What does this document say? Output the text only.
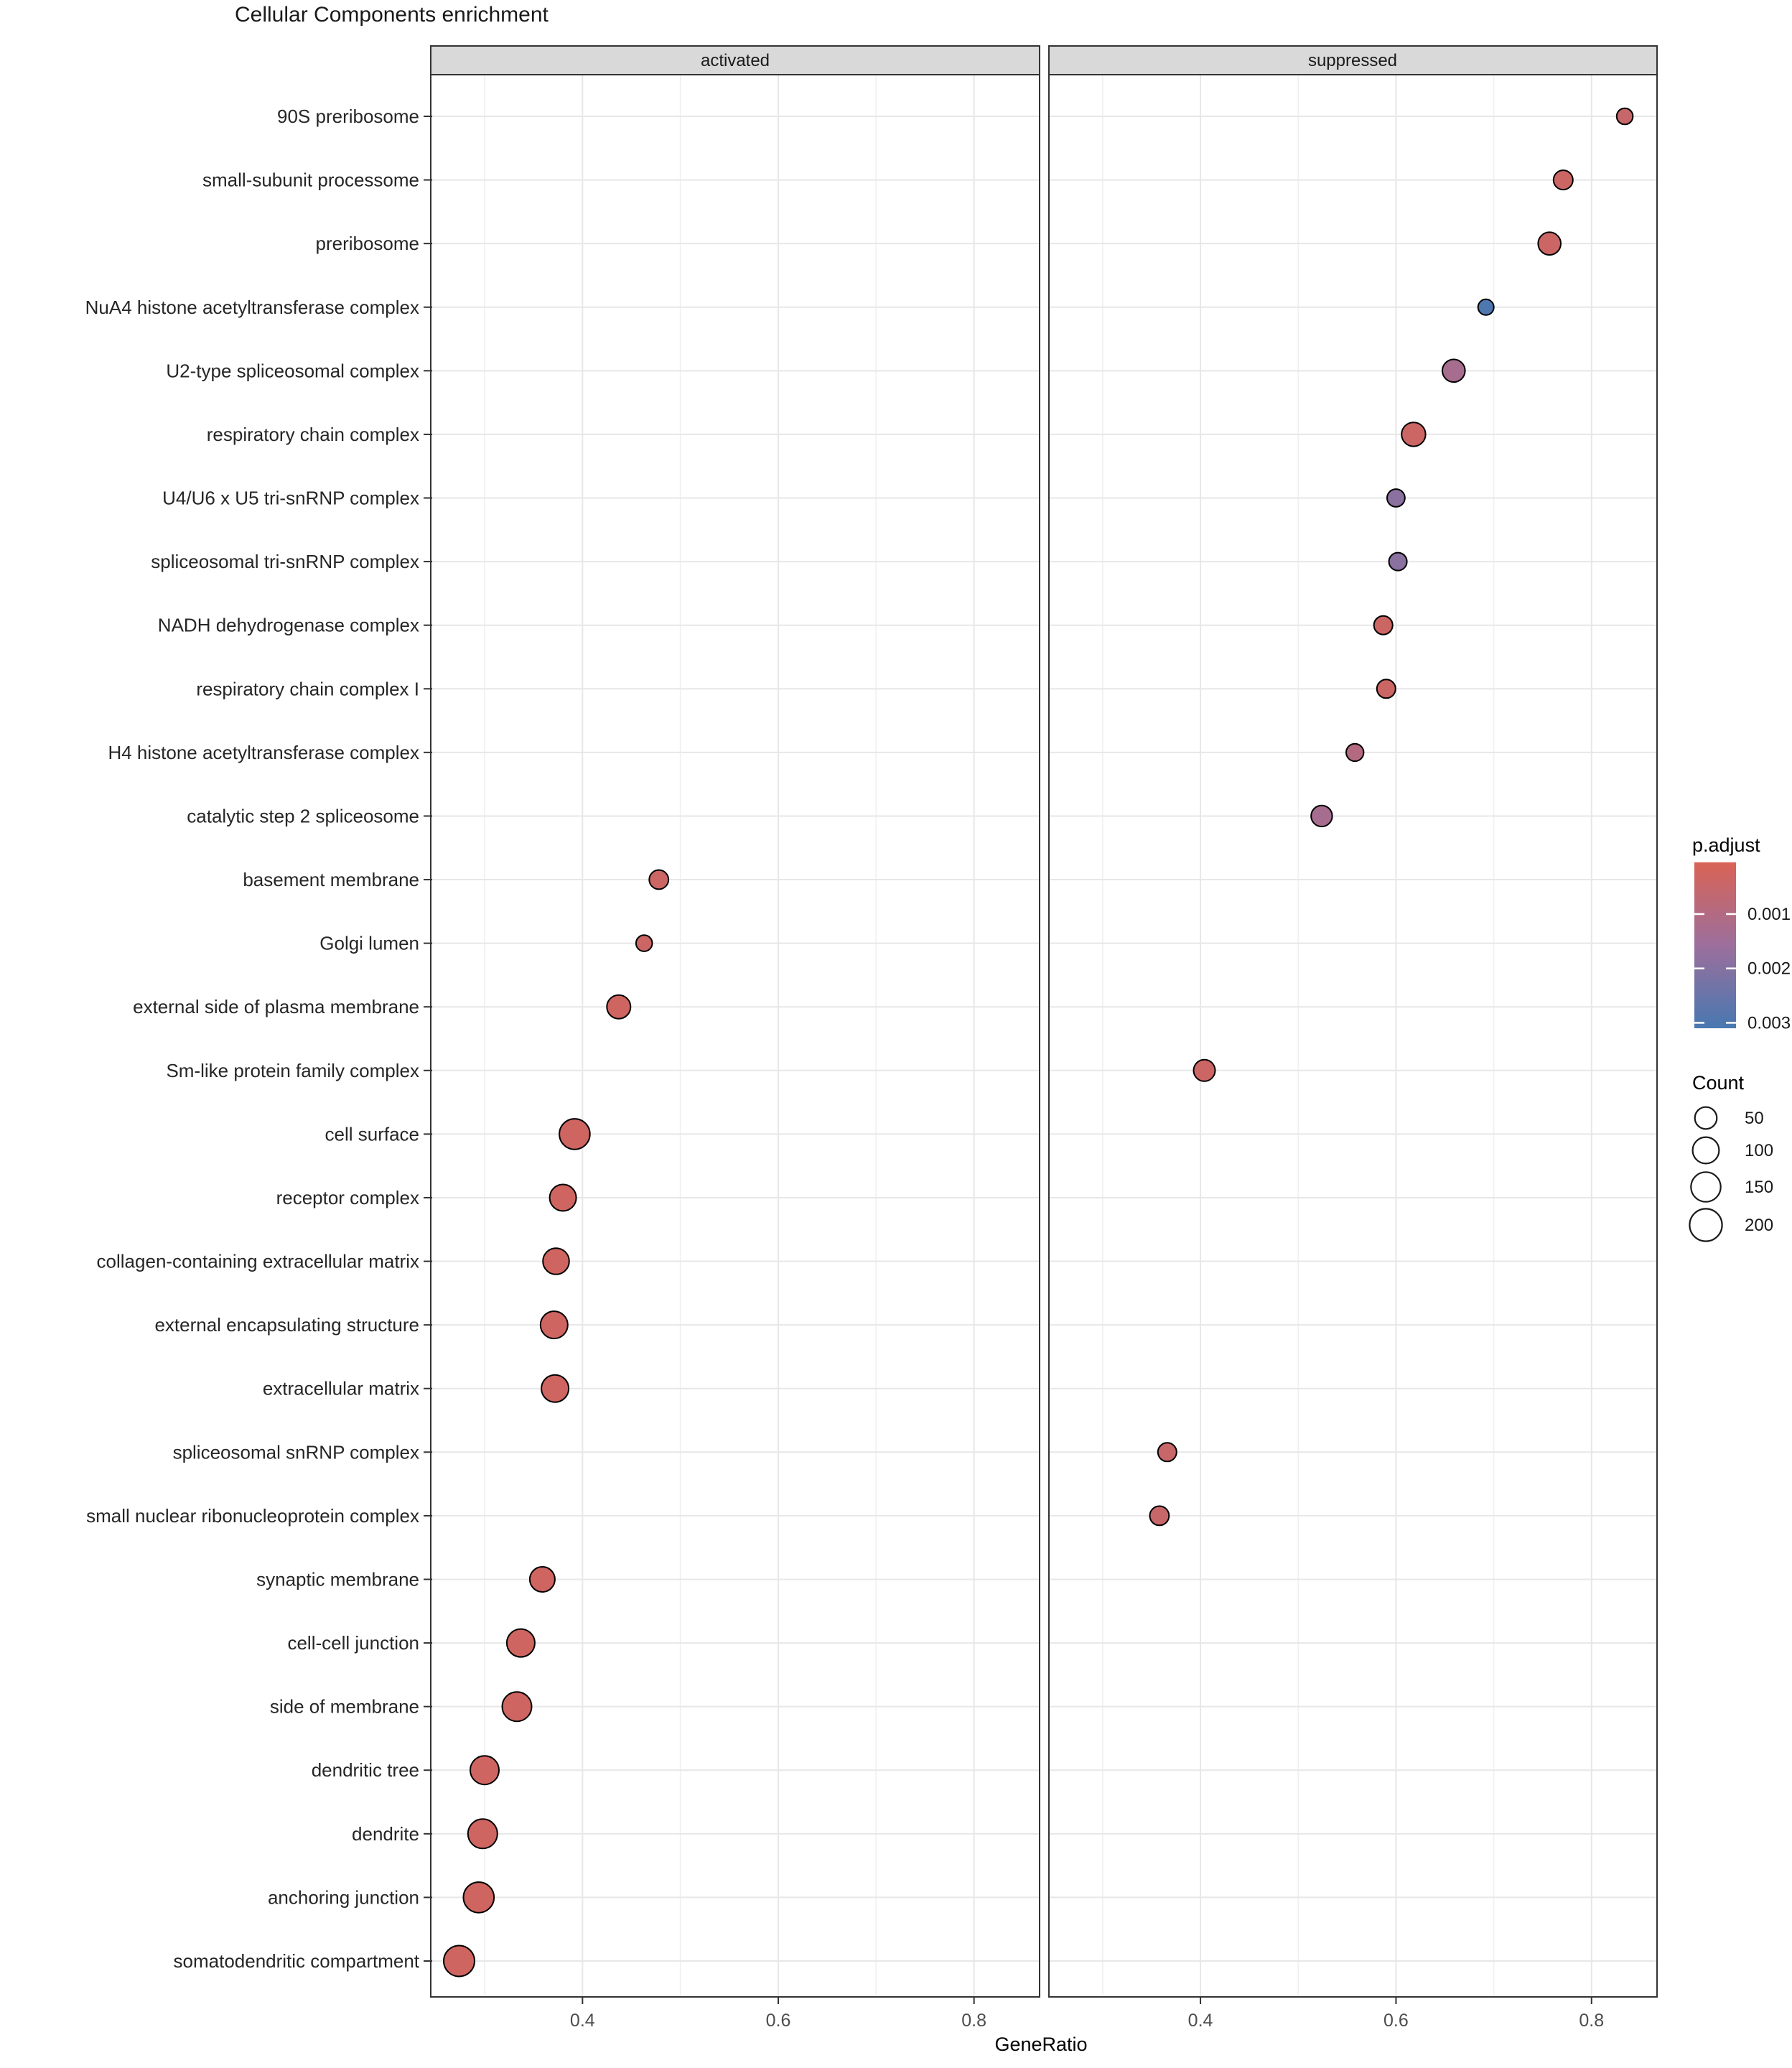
90S preribosome
small-subunit processome
preribosome
NuA4 histone acetyltransferase complex
U2-type spliceosomal complex
respiratory chain complex
U4/U6 x U5 tri-snRNP complex
spliceosomal tri-snRNP complex
NADH dehydrogenase complex
respiratory chain complex I
H4 histone acetyltransferase complex
catalytic step 2 spliceosome
basement membrane
Golgi lumen
external side of plasma membrane
Sm-like protein family complex
cell surface
receptor complex
collagen-containing extracellular matrix
external encapsulating structure
extracellular matrix
spliceosomal snRNP complex
small nuclear ribonucleoprotein complex
synaptic membrane
cell-cell junction
side of membrane
dendritic tree
dendrite
anchoring junction
somatodendritic compartment
0.4	0.6	0.8	0.4	0.6	0.8
0.001
0.002
0.003
50
100
150
200
Cellular Components enrichment
activated	suppressed
GeneRatio
p.adjust
Count
